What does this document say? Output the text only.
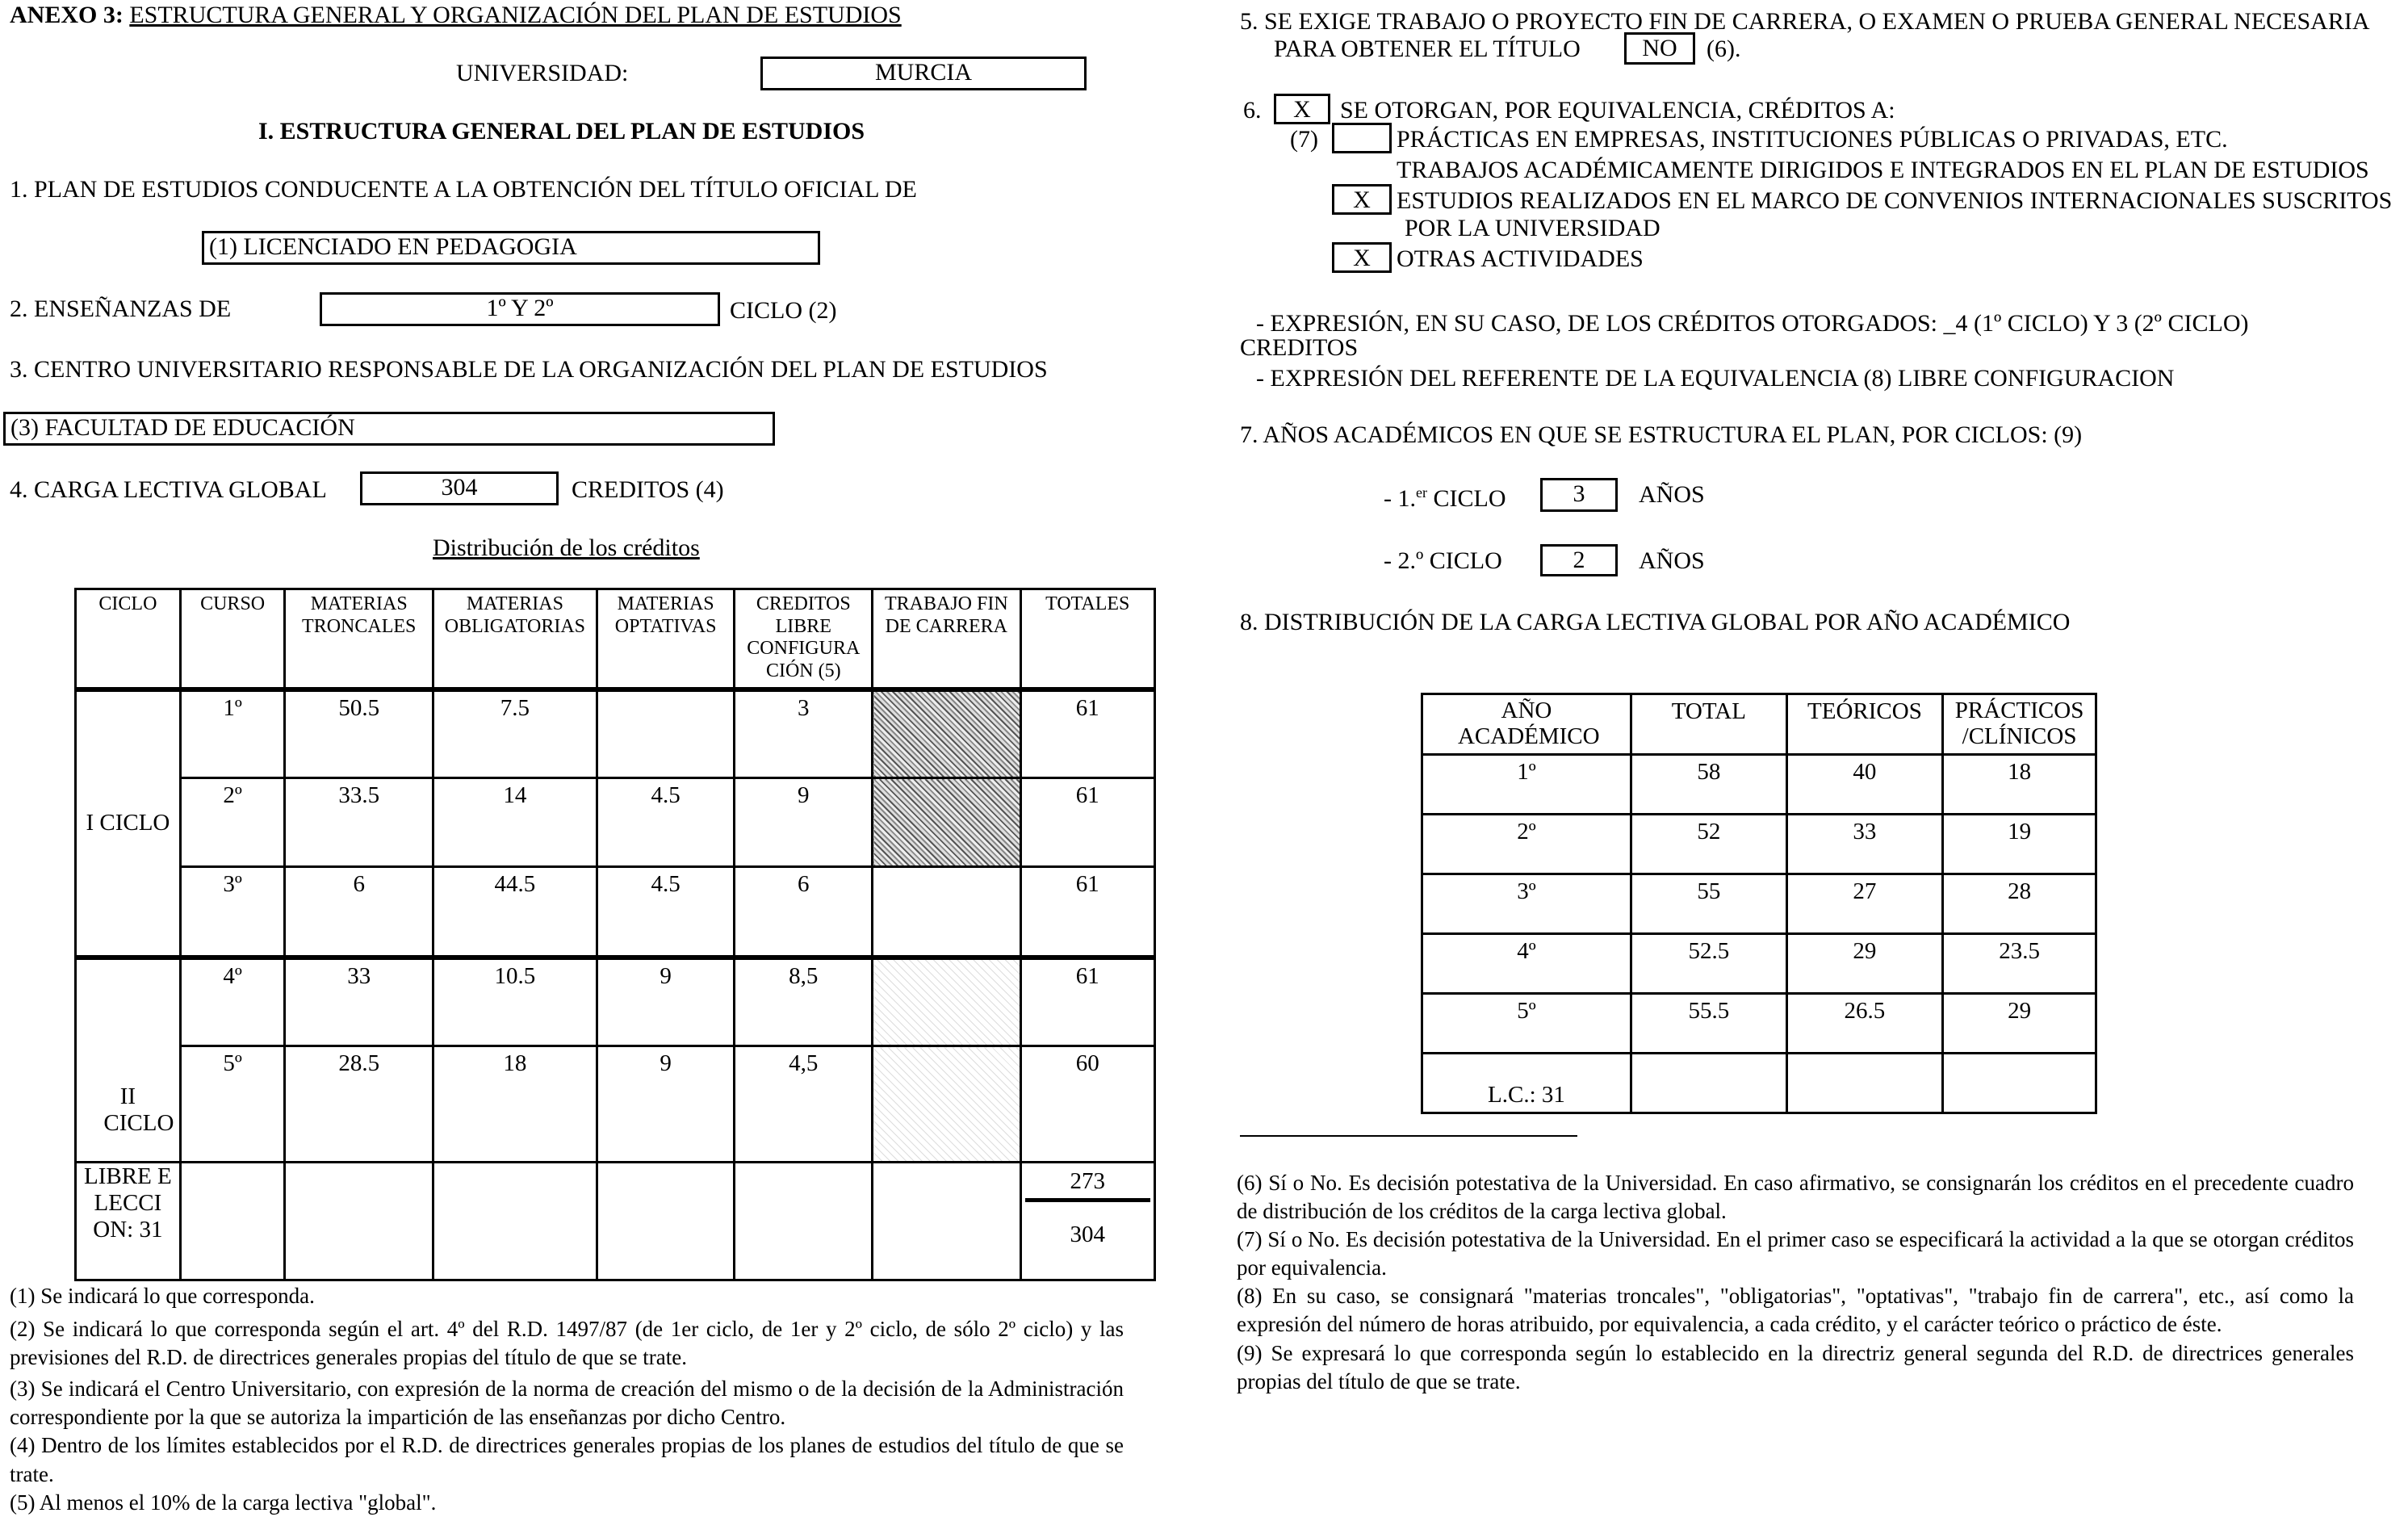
ANEXO 3: ESTRUCTURA GENERAL Y ORGANIZACIÓN DEL PLAN DE ESTUDIOS
UNIVERSIDAD:	MURCIA
I. ESTRUCTURA GENERAL DEL PLAN DE ESTUDIOS
1. PLAN DE ESTUDIOS CONDUCENTE A LA OBTENCIÓN DEL TÍTULO OFICIAL DE
(1) LICENCIADO EN PEDAGOGIA
2. ENSEÑANZAS DE	1º Y 2º	CICLO (2)
3. CENTRO UNIVERSITARIO RESPONSABLE DE LA ORGANIZACIÓN DEL PLAN DE ESTUDIOS
(3) FACULTAD DE EDUCACIÓN
4. CARGA LECTIVA GLOBAL	304	CREDITOS (4)
Distribución de los créditos
CICLO	CURSO	MATERIAS TRONCALES	MATERIAS OBLIGATORIAS	MATERIAS OPTATIVAS	CREDITOS LIBRE CONFIGURA CIÓN (5)	TRABAJO FIN DE CARRERA	TOTALES
I CICLO	1º	50.5	7.5		3		61
	2º	33.5	14	4.5	9		61
	3º	6	44.5	4.5	6		61
II CICLO	4º	33	10.5	9	8,5		61
	5º	28.5	18	9	4,5		60

LIBRE ELECCI ON: 31							273
304
(1) Se indicará lo que corresponda.
(2) Se indicará lo que corresponda según el art. 4º del R.D. 1497/87 (de 1er ciclo, de 1er y 2º ciclo, de sólo 2º ciclo) y las previsiones del R.D. de directrices generales propias del título de que se trate.
(3) Se indicará el Centro Universitario, con expresión de la norma de creación del mismo o de la decisión de la Administración correspondiente por la que se autoriza la impartición de las enseñanzas por dicho Centro.
(4) Dentro de los límites establecidos por el R.D. de directrices generales propias de los planes de estudios del título de que se trate.
(5) Al menos el 10% de la carga lectiva "global".
5. SE EXIGE TRABAJO O PROYECTO FIN DE CARRERA, O EXAMEN O PRUEBA GENERAL NECESARIA
PARA OBTENER EL TÍTULO	NO	(6).
6.	X	SE OTORGAN, POR EQUIVALENCIA, CRÉDITOS A:
(7)	PRÁCTICAS EN EMPRESAS, INSTITUCIONES PÚBLICAS O PRIVADAS, ETC.
TRABAJOS ACADÉMICAMENTE DIRIGIDOS E INTEGRADOS EN EL PLAN DE ESTUDIOS
X	ESTUDIOS REALIZADOS EN EL MARCO DE CONVENIOS INTERNACIONALES SUSCRITOS
POR LA UNIVERSIDAD
X	OTRAS ACTIVIDADES
- EXPRESIÓN, EN SU CASO, DE LOS CRÉDITOS OTORGADOS: _4 (1º CICLO) Y 3 (2º CICLO)
CREDITOS
- EXPRESIÓN DEL REFERENTE DE LA EQUIVALENCIA (8) LIBRE CONFIGURACION
7. AÑOS ACADÉMICOS EN QUE SE ESTRUCTURA EL PLAN, POR CICLOS: (9)
- 1.$^{er}$ CICLO	3	AÑOS
- 2.º CICLO	2	AÑOS
8. DISTRIBUCIÓN DE LA CARGA LECTIVA GLOBAL POR AÑO ACADÉMICO
AÑO ACADÉMICO	TOTAL	TEÓRICOS	PRÁCTICOS /CLÍNICOS
1º	58	40	18
2º	52	33	19
3º	55	27	28
4º	52.5	29	23.5
5º	55.5	26.5	29
L.C.: 31			
(6) Sí o No. Es decisión potestativa de la Universidad. En caso afirmativo, se consignarán los créditos en el precedente cuadro de distribución de los créditos de la carga lectiva global.
(7) Sí o No. Es decisión potestativa de la Universidad. En el primer caso se especificará la actividad a la que se otorgan créditos por equivalencia.
(8) En su caso, se consignará "materias troncales", "obligatorias", "optativas", "trabajo fin de carrera", etc., así como la expresión del número de horas atribuido, por equivalencia, a cada crédito, y el carácter teórico o práctico de éste.
(9) Se expresará lo que corresponda según lo establecido en la directriz general segunda del R.D. de directrices generales propias del título de que se trate.
